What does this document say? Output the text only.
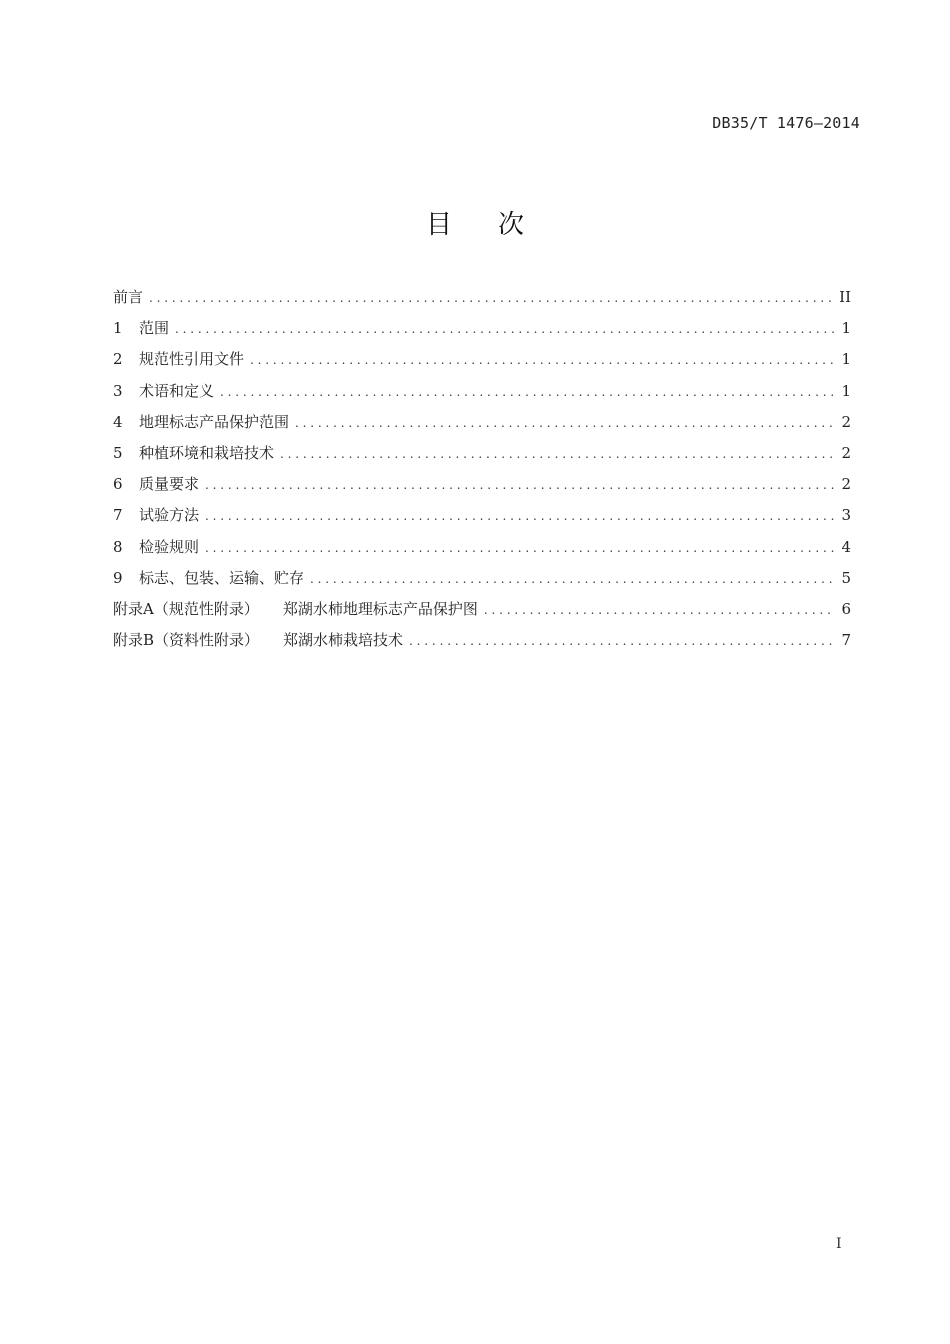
DB35/T 1476—2014
目 次
前言 . . .	II
1	范围 . . .	1
2	规范性引用文件 . . .	1
3	术语和定义 . . .	1
4	地理标志产品保护范围 . . .	2
5	种植环境和栽培技术 . . .	2
6	质量要求 . . .	2
7	试验方法 . . .	3
8	检验规则 . . .	4
9	标志、包装、运输、贮存 . . .	5
附录A（规范性附录） 郑湖水柿地理标志产品保护图 . . .	6
附录B（资料性附录） 郑湖水柿栽培技术 . . .	7
I
